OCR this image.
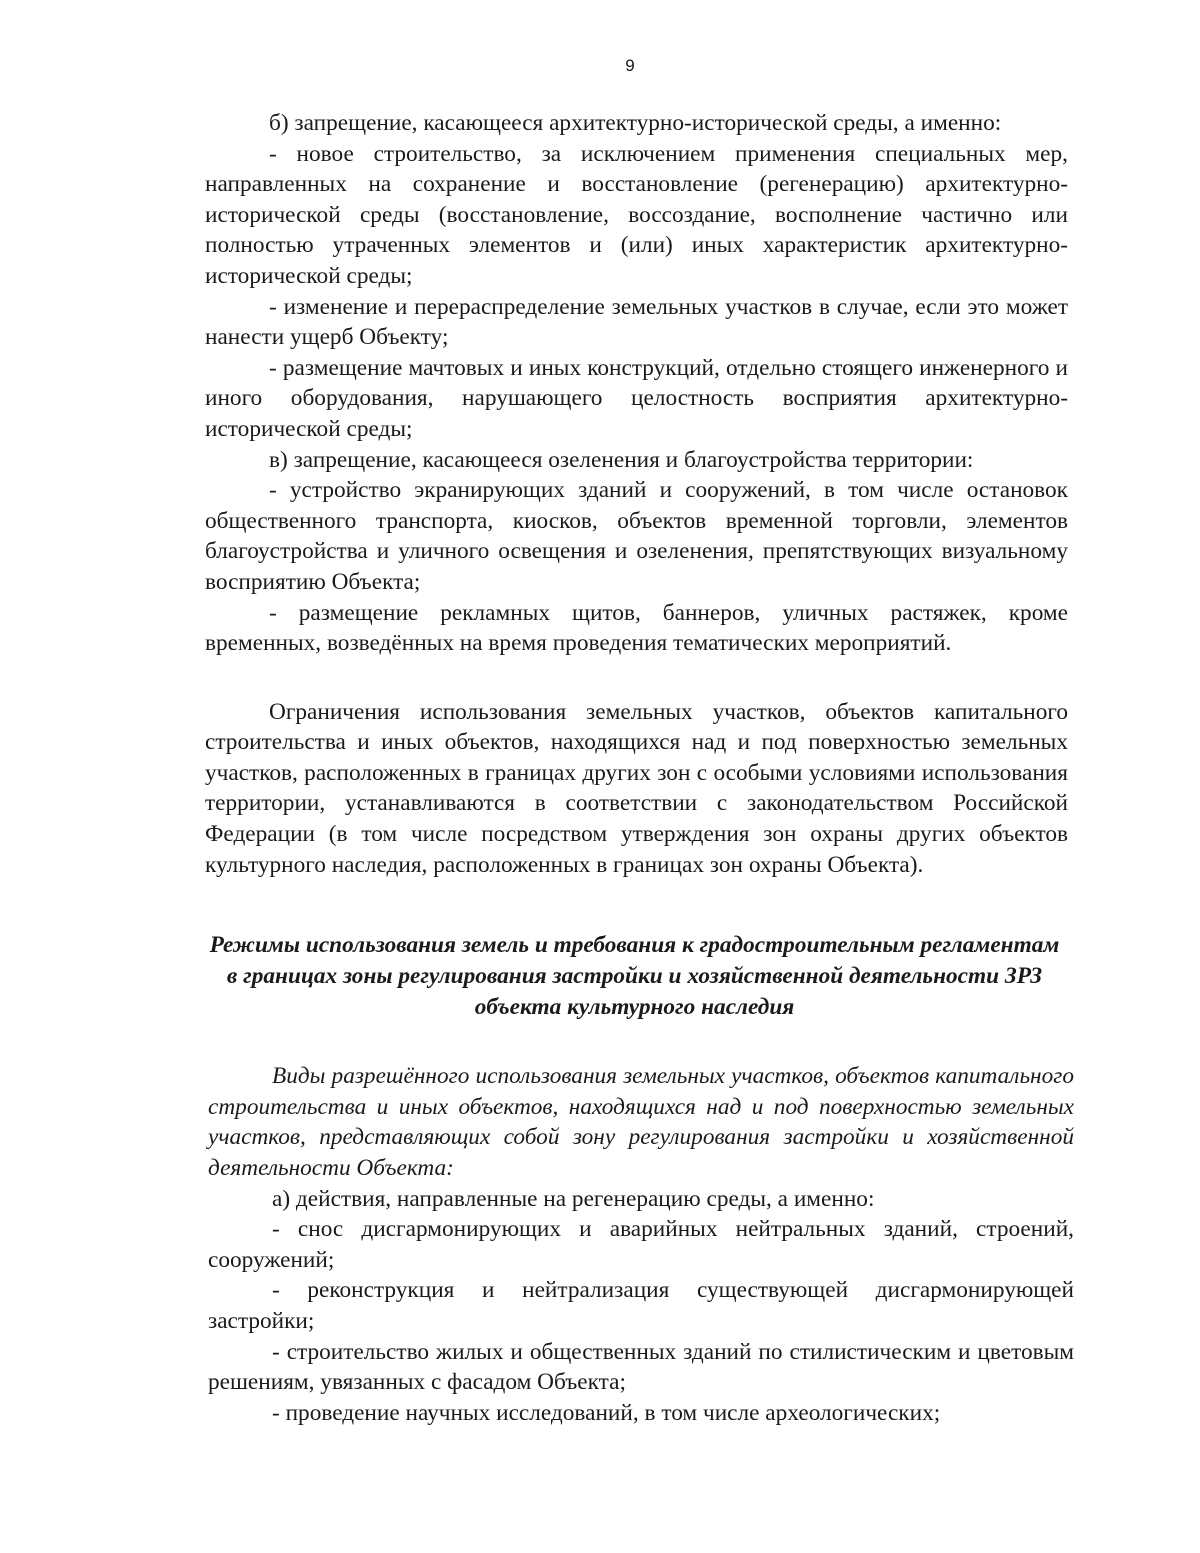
9

б) запрещение, касающееся архитектурно-исторической среды, а именно:

- новое строительство, за исключением применения специальных мер, направленных на сохранение и восстановление (регенерацию) архитектурно-исторической среды (восстановление, воссоздание, восполнение частично или полностью утраченных элементов и (или) иных характеристик архитектурно-исторической среды;

- изменение и перераспределение земельных участков в случае, если это может нанести ущерб Объекту;

- размещение мачтовых и иных конструкций, отдельно стоящего инженерного и иного оборудования, нарушающего целостность восприятия архитектурно-исторической среды;

в) запрещение, касающееся озеленения и благоустройства территории:

- устройство экранирующих зданий и сооружений, в том числе остановок общественного транспорта, киосков, объектов временной торговли, элементов благоустройства и уличного освещения и озеленения, препятствующих визуальному восприятию Объекта;

- размещение рекламных щитов, баннеров, уличных растяжек, кроме временных, возведённых на время проведения тематических мероприятий.

Ограничения использования земельных участков, объектов капитального строительства и иных объектов, находящихся над и под поверхностью земельных участков, расположенных в границах других зон с особыми условиями использования территории, устанавливаются в соответствии с законодательством Российской Федерации (в том числе посредством утверждения зон охраны других объектов культурного наследия, расположенных в границах зон охраны Объекта).

Режимы использования земель и требования к градостроительным регламентам в границах зоны регулирования застройки и хозяйственной деятельности ЗРЗ объекта культурного наследия

Виды разрешённого использования земельных участков, объектов капитального строительства и иных объектов, находящихся над и под поверхностью земельных участков, представляющих собой зону регулирования застройки и хозяйственной деятельности Объекта:

а) действия, направленные на регенерацию среды, а именно:

- снос дисгармонирующих и аварийных нейтральных зданий, строений, сооружений;

- реконструкция и нейтрализация существующей дисгармонирующей застройки;

- строительство жилых и общественных зданий по стилистическим и цветовым решениям, увязанных с фасадом Объекта;

- проведение научных исследований, в том числе археологических;
